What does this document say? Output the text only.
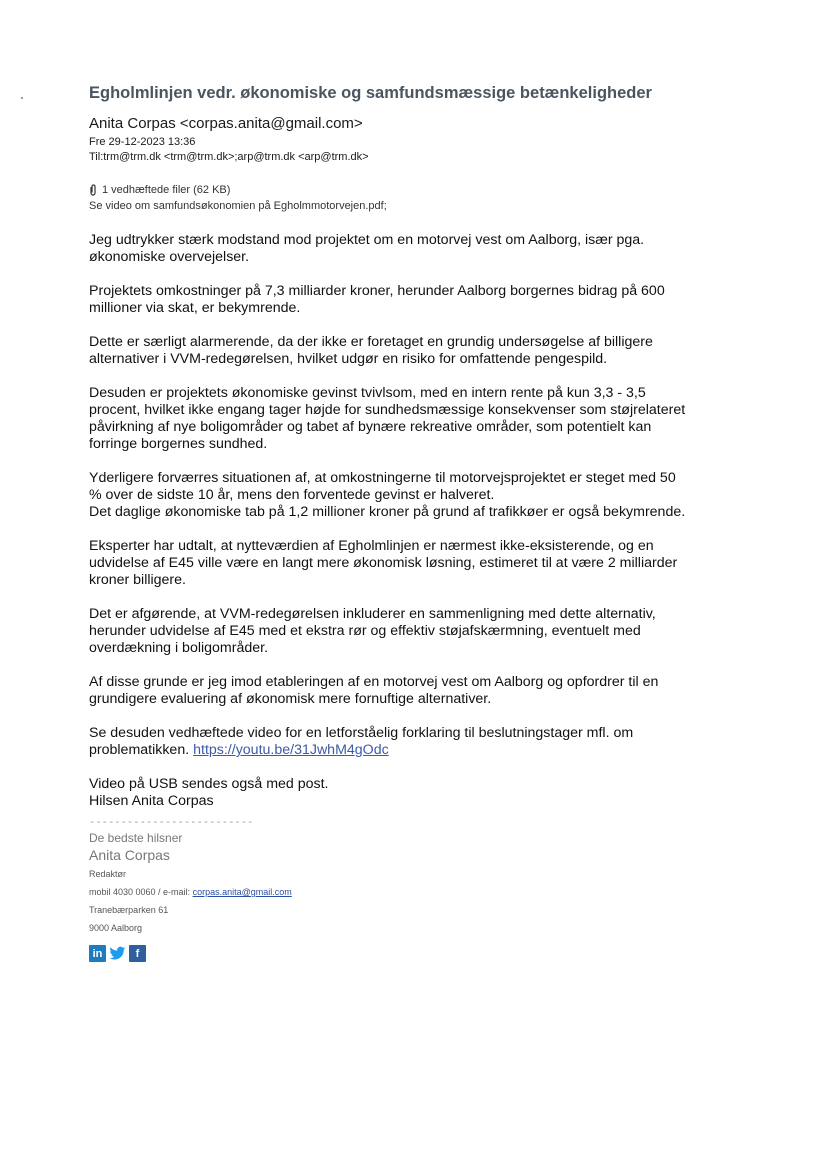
Egholmlinjen vedr. økonomiske og samfundsmæssige betænkeligheder
Anita Corpas <corpas.anita@gmail.com>
Fre 29-12-2023 13:36
Til:trm@trm.dk <trm@trm.dk>;arp@trm.dk <arp@trm.dk>
1 vedhæftede filer (62 KB)
Se video om samfundsøkonomien på Egholmmotorvejen.pdf;
Jeg udtrykker stærk modstand mod projektet om en motorvej vest om Aalborg, især pga.
økonomiske overvejelser.
Projektets omkostninger på 7,3 milliarder kroner, herunder Aalborg borgernes bidrag på 600
millioner via skat, er bekymrende.
Dette er særligt alarmerende, da der ikke er foretaget en grundig undersøgelse af billigere
alternativer i VVM-redegørelsen, hvilket udgør en risiko for omfattende pengespild.
Desuden er projektets økonomiske gevinst tvivlsom, med en intern rente på kun 3,3 - 3,5
procent, hvilket ikke engang tager højde for sundhedsmæssige konsekvenser som støjrelateret
påvirkning af nye boligområder og tabet af bynære rekreative områder, som potentielt kan
forringe borgernes sundhed.
Yderligere forværres situationen af, at omkostningerne til motorvejsprojektet er steget med 50
% over de sidste 10 år, mens den forventede gevinst er halveret.
Det daglige økonomiske tab på 1,2 millioner kroner på grund af trafikkøer er også bekymrende.
Eksperter har udtalt, at nytteværdien af Egholmlinjen er nærmest ikke-eksisterende, og en
udvidelse af E45 ville være en langt mere økonomisk løsning, estimeret til at være 2 milliarder
kroner billigere.
Det er afgørende, at VVM-redegørelsen inkluderer en sammenligning med dette alternativ,
herunder udvidelse af E45 med et ekstra rør og effektiv støjafskærmning, eventuelt med
overdækning i boligområder.
Af disse grunde er jeg imod etableringen af en motorvej vest om Aalborg og opfordrer til en
grundigere evaluering af økonomisk mere fornuftige alternativer.
Se desuden vedhæftede video for en letforståelig forklaring til beslutningstager mfl. om
problematikken. https://youtu.be/31JwhM4gOdc
Video på USB sendes også med post.
Hilsen Anita Corpas
--------------------------
De bedste hilsner
Anita Corpas
Redaktør
mobil 4030 0060 / e-mail: corpas.anita@gmail.com
Tranebærparken 61
9000 Aalborg
in	f
